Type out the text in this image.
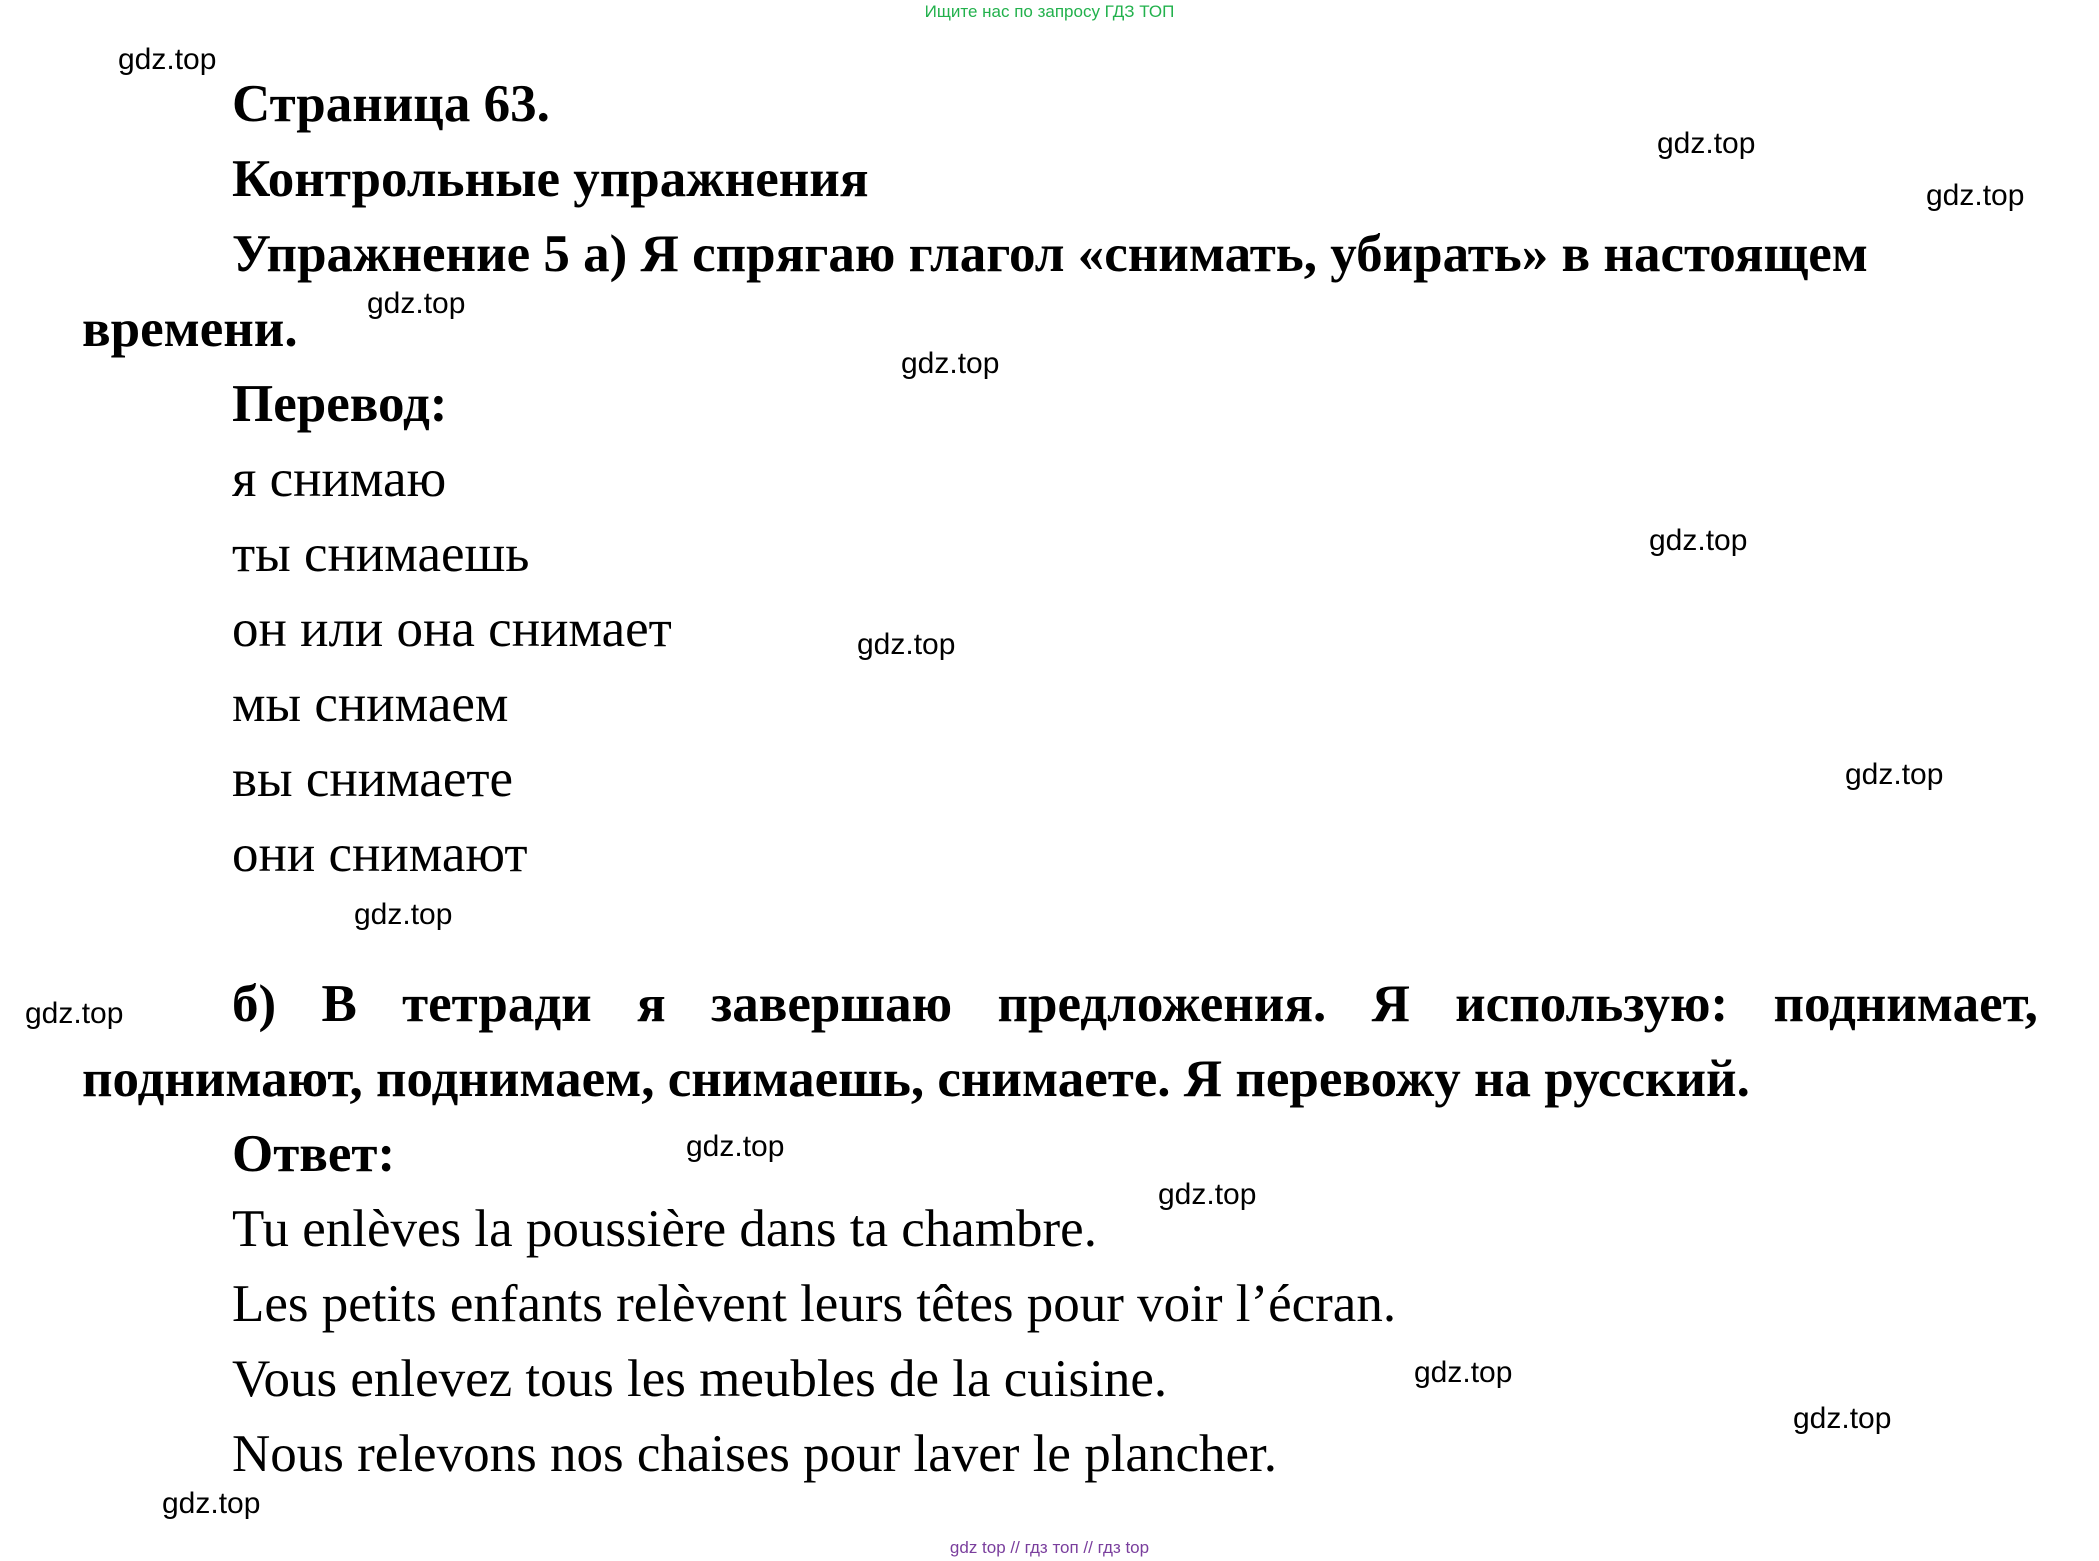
Ищите нас по запросу ГДЗ ТОП
Страница 63.
Контрольные упражнения
Упражнение 5 а) Я спрягаю глагол «снимать, убирать» в настоящем
времени.
Перевод:
я снимаю
ты снимаешь
он или она снимает
мы снимаем
вы снимаете
они снимают
б) В тетради я завершаю предложения. Я использую: поднимает,
поднимают, поднимаем, снимаешь, снимаете. Я перевожу на русский.
Ответ:
Tu enlèves la poussière dans ta chambre.
Les petits enfants relèvent leurs têtes pour voir l’écran.
Vous enlevez tous les meubles de la cuisine.
Nous relevons nos chaises pour laver le plancher.
gdz.top
gdz.top
gdz.top
gdz.top
gdz.top
gdz.top
gdz.top
gdz.top
gdz.top
gdz.top
gdz.top
gdz.top
gdz.top
gdz.top
gdz.top
gdz top // гдз топ // гдз top
